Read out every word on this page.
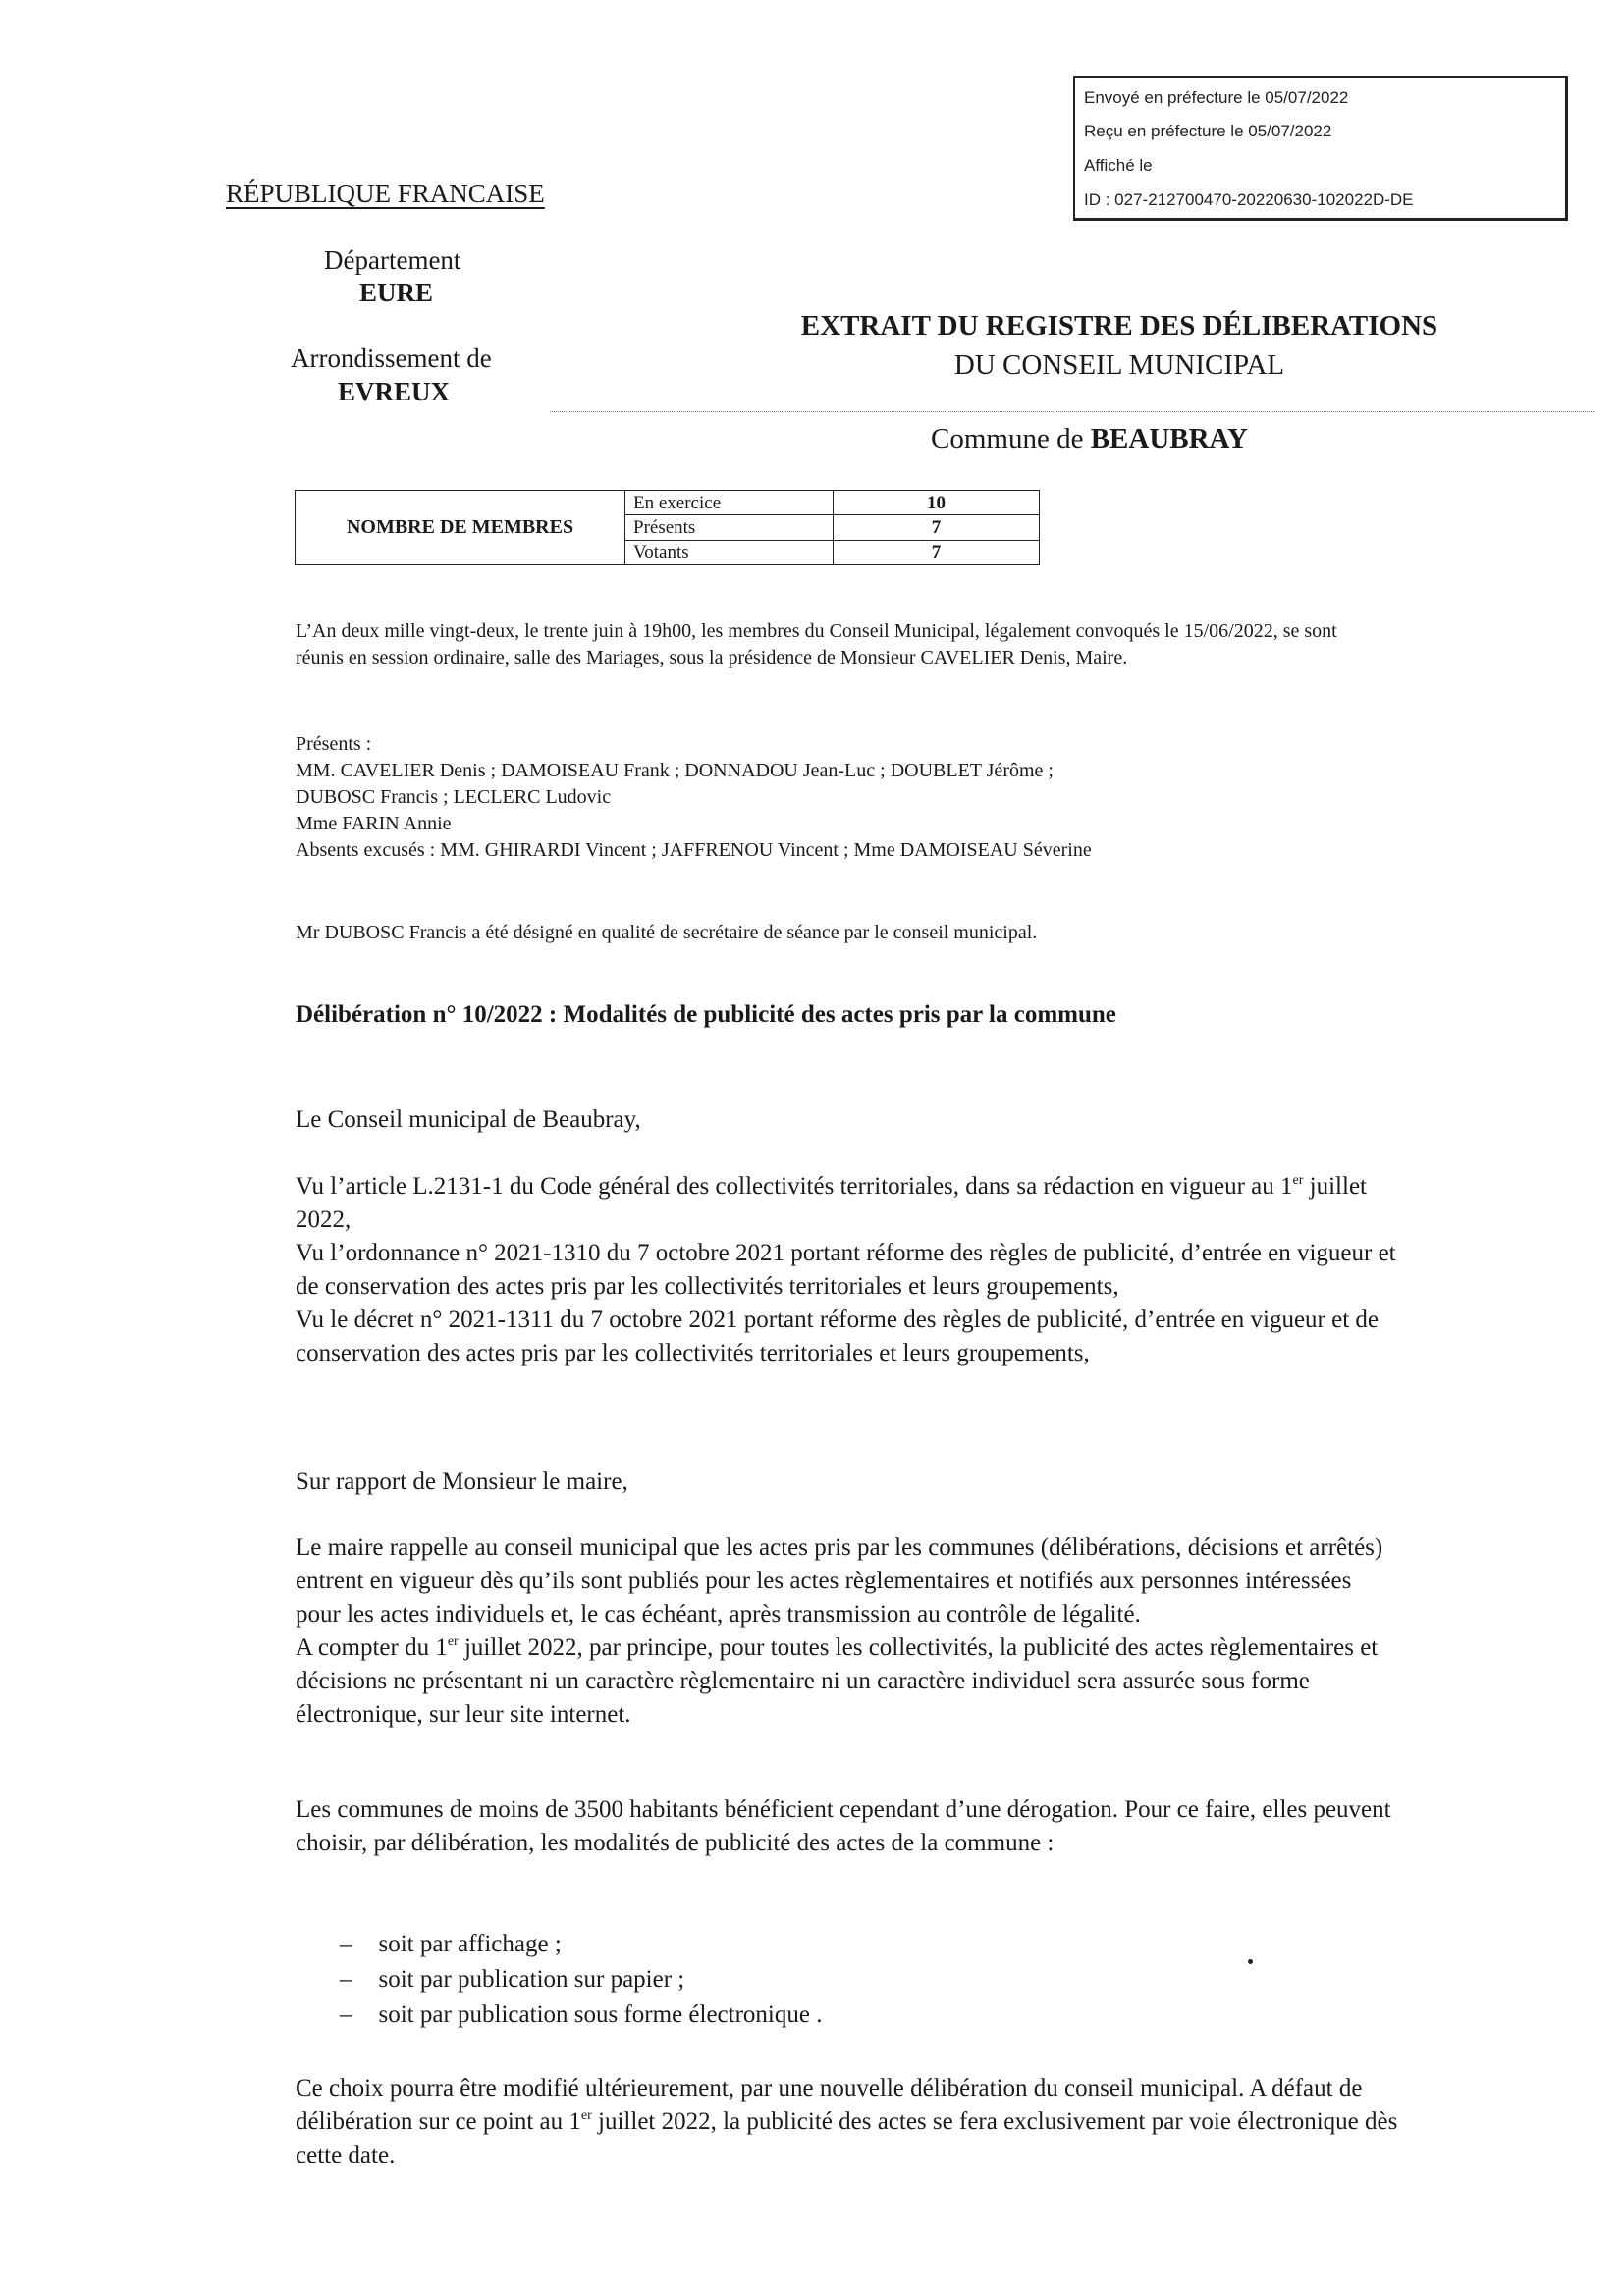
Envoyé en préfecture le 05/07/2022
Reçu en préfecture le 05/07/2022
Affiché le
ID : 027-212700470-20220630-102022D-DE
RÉPUBLIQUE FRANCAISE
Département
EURE
Arrondissement de
EVREUX
EXTRAIT DU REGISTRE DES DÉLIBERATIONS
DU CONSEIL MUNICIPAL
Commune de BEAUBRAY
NOMBRE DE MEMBRES	En exercice	10
	Présents	7
	Votants	7
L’An deux mille vingt-deux, le trente juin à 19h00, les membres du Conseil Municipal, légalement convoqués le 15/06/2022, se sont réunis en session ordinaire, salle des Mariages, sous la présidence de Monsieur CAVELIER Denis, Maire.
Présents :
MM. CAVELIER Denis ; DAMOISEAU Frank ; DONNADOU Jean-Luc ; DOUBLET Jérôme ;
DUBOSC Francis ; LECLERC Ludovic
Mme FARIN Annie
Absents excusés : MM. GHIRARDI Vincent ; JAFFRENOU Vincent ; Mme DAMOISEAU Séverine
Mr DUBOSC Francis a été désigné en qualité de secrétaire de séance par le conseil municipal.
Délibération n° 10/2022 : Modalités de publicité des actes pris par la commune

Le Conseil municipal de Beaubray,

Vu l’article L.2131-1 du Code général des collectivités territoriales, dans sa rédaction en vigueur au 1er juillet 2022,

Vu l’ordonnance n° 2021-1310 du 7 octobre 2021 portant réforme des règles de publicité, d’entrée en vigueur et de conservation des actes pris par les collectivités territoriales et leurs groupements,

Vu le décret n° 2021-1311 du 7 octobre 2021 portant réforme des règles de publicité, d’entrée en vigueur et de conservation des actes pris par les collectivités territoriales et leurs groupements,

Sur rapport de Monsieur le maire,

Le maire rappelle au conseil municipal que les actes pris par les communes (délibérations, décisions et arrêtés) entrent en vigueur dès qu’ils sont publiés pour les actes règlementaires et notifiés aux personnes intéressées pour les actes individuels et, le cas échéant, après transmission au contrôle de légalité.

A compter du 1er juillet 2022, par principe, pour toutes les collectivités, la publicité des actes règlementaires et décisions ne présentant ni un caractère règlementaire ni un caractère individuel sera assurée sous forme électronique, sur leur site internet.

Les communes de moins de 3500 habitants bénéficient cependant d’une dérogation. Pour ce faire, elles peuvent choisir, par délibération, les modalités de publicité des actes de la commune :

– soit par affichage ;
– soit par publication sur papier ;
– soit par publication sous forme électronique .

Ce choix pourra être modifié ultérieurement, par une nouvelle délibération du conseil municipal. A défaut de délibération sur ce point au 1er juillet 2022, la publicité des actes se fera exclusivement par voie électronique dès cette date.
